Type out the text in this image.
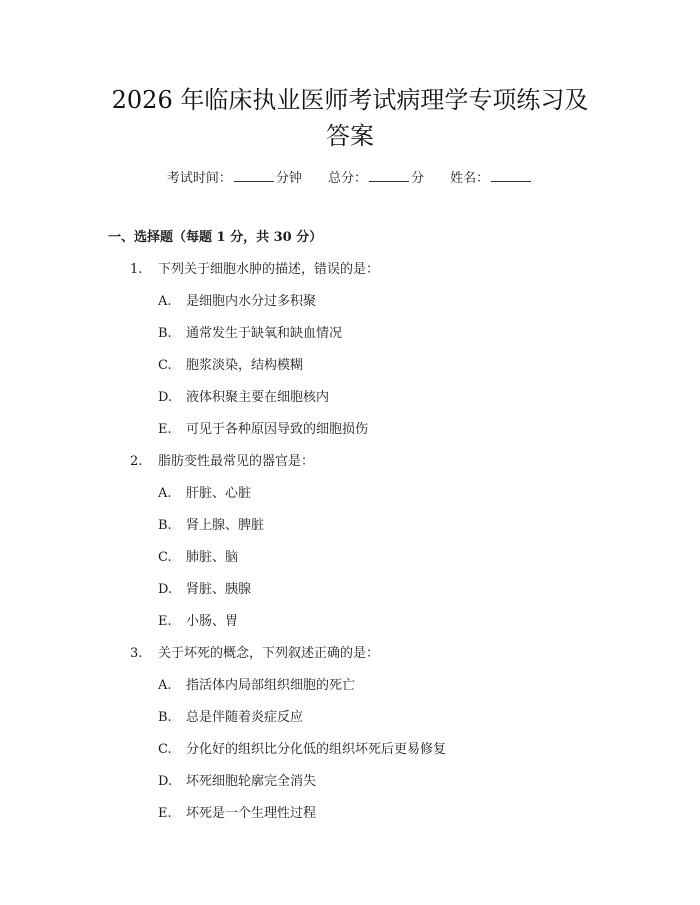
2026 年临床执业医师考试病理学专项练习及
答案
考试时间：	分钟 总分：	分 姓名：
一、选择题（每题 1 分，共 30 分）
1. 下列关于细胞水肿的描述，错误的是：
A. 是细胞内水分过多积聚
B. 通常发生于缺氧和缺血情况
C. 胞浆淡染，结构模糊
D. 液体积聚主要在细胞核内
E. 可见于各种原因导致的细胞损伤
2. 脂肪变性最常见的器官是：
A. 肝脏、心脏
B. 肾上腺、脾脏
C. 肺脏、脑
D. 肾脏、胰腺
E. 小肠、胃
3. 关于坏死的概念，下列叙述正确的是：
A. 指活体内局部组织细胞的死亡
B. 总是伴随着炎症反应
C. 分化好的组织比分化低的组织坏死后更易修复
D. 坏死细胞轮廓完全消失
E. 坏死是一个生理性过程
